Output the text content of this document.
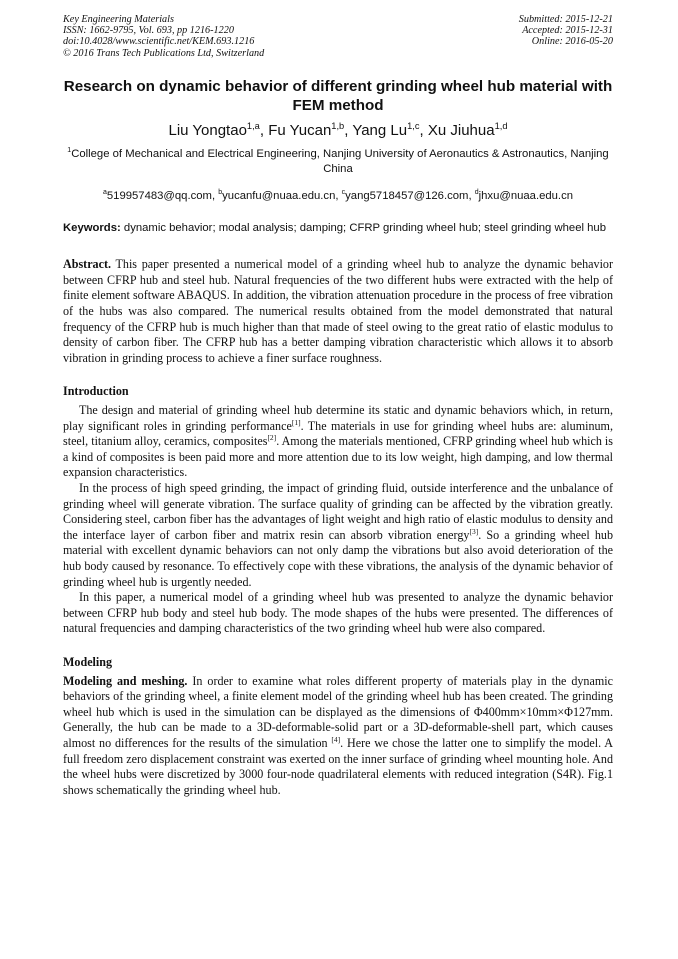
Key Engineering Materials
ISSN: 1662-9795, Vol. 693, pp 1216-1220
doi:10.4028/www.scientific.net/KEM.693.1216
© 2016 Trans Tech Publications Ltd, Switzerland
Submitted: 2015-12-21
Accepted: 2015-12-31
Online: 2016-05-20
Research on dynamic behavior of different grinding wheel hub material with FEM method
Liu Yongtao$^{1,a}$, Fu Yucan$^{1,b}$, Yang Lu$^{1,c}$, Xu Jiuhua$^{1,d}$
$^1$College of Mechanical and Electrical Engineering, Nanjing University of Aeronautics & Astronautics, Nanjing China
$^a$519957483@qq.com, $^b$yucanfu@nuaa.edu.cn, $^c$yang5718457@126.com, $^d$jhxu@nuaa.edu.cn
Keywords: dynamic behavior; modal analysis; damping; CFRP grinding wheel hub; steel grinding wheel hub
Abstract. This paper presented a numerical model of a grinding wheel hub to analyze the dynamic behavior between CFRP hub and steel hub. Natural frequencies of the two different hubs were extracted with the help of finite element software ABAQUS. In addition, the vibration attenuation procedure in the process of free vibration of the hubs was also compared. The numerical results obtained from the model demonstrated that natural frequency of the CFRP hub is much higher than that made of steel owing to the great ratio of elastic modulus to density of carbon fiber. The CFRP hub has a better damping vibration characteristic which allows it to absorb vibration in grinding process to achieve a finer surface roughness.
Introduction

The design and material of grinding wheel hub determine its static and dynamic behaviors which, in return, play significant roles in grinding performance[1]. The materials in use for grinding wheel hubs are: aluminum, steel, titanium alloy, ceramics, composites[2]. Among the materials mentioned, CFRP grinding wheel hub which is a kind of composites is been paid more and more attention due to its low weight, high damping, and low thermal expansion characteristics.

In the process of high speed grinding, the impact of grinding fluid, outside interference and the unbalance of grinding wheel will generate vibration. The surface quality of grinding can be affected by the vibration greatly. Considering steel, carbon fiber has the advantages of light weight and high ratio of elastic modulus to density and the interface layer of carbon fiber and matrix resin can absorb vibration energy[3]. So a grinding wheel hub material with excellent dynamic behaviors can not only damp the vibrations but also avoid deterioration of the hub body caused by resonance. To effectively cope with these vibrations, the analysis of the dynamic behavior of grinding wheel hub is urgently needed.

In this paper, a numerical model of a grinding wheel hub was presented to analyze the dynamic behavior between CFRP hub body and steel hub body. The mode shapes of the hubs were presented. The differences of natural frequencies and damping characteristics of the two grinding wheel hub were also compared.

Modeling

Modeling and meshing. In order to examine what roles different property of materials play in the dynamic behaviors of the grinding wheel, a finite element model of the grinding wheel hub has been created. The grinding wheel hub which is used in the simulation can be displayed as the dimensions of Φ400mm×10mm×Φ127mm. Generally, the hub can be made to a 3D-deformable-solid part or a 3D-deformable-shell part, which causes almost no differences for the results of the simulation [4]. Here we chose the latter one to simplify the model. A full freedom zero displacement constraint was exerted on the inner surface of grinding wheel mounting hole. And the wheel hubs were discretized by 3000 four-node quadrilateral elements with reduced integration (S4R). Fig.1 shows schematically the grinding wheel hub.
